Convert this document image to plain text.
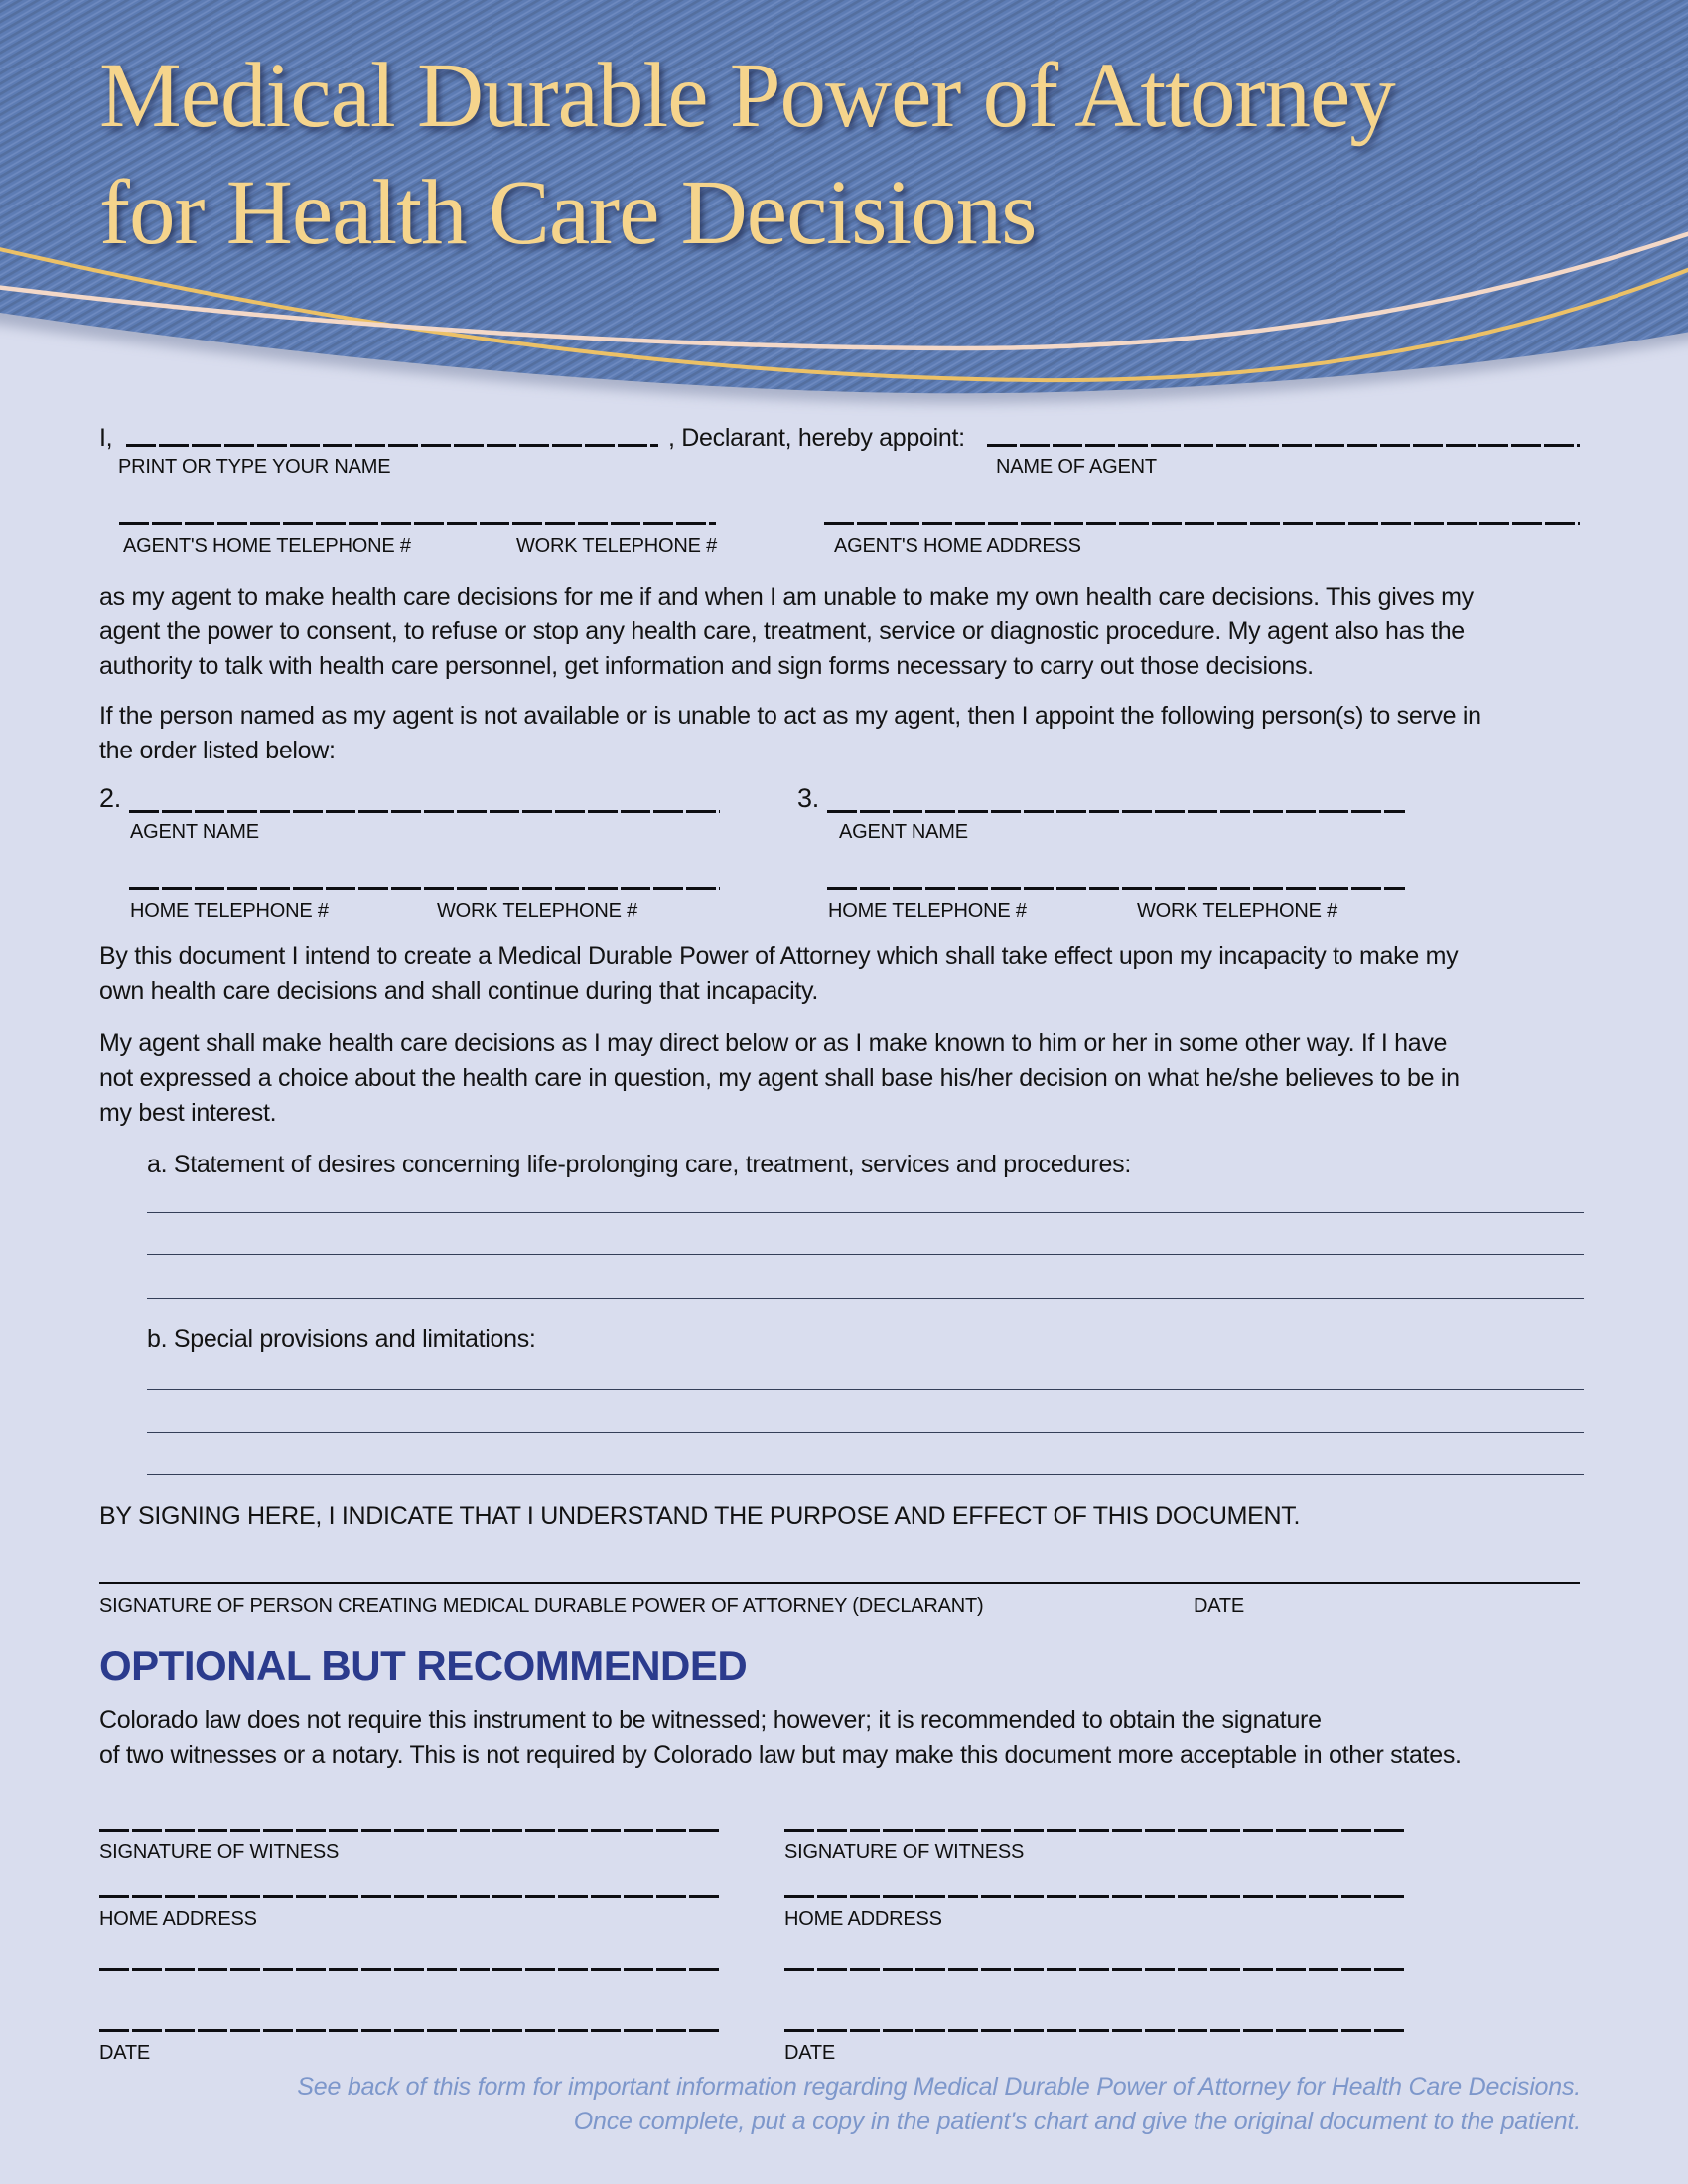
Medical Durable Power of Attorney
for Health Care Decisions
I,	, Declarant, hereby appoint:
PRINT OR TYPE YOUR NAME	NAME OF AGENT
AGENT'S HOME TELEPHONE #	WORK TELEPHONE #	AGENT'S HOME ADDRESS
as my agent to make health care decisions for me if and when I am unable to make my own health care decisions. This gives my
agent the power to consent, to refuse or stop any health care, treatment, service or diagnostic procedure. My agent also has the
authority to talk with health care personnel, get information and sign forms necessary to carry out those decisions.
If the person named as my agent is not available or is unable to act as my agent, then I appoint the following person(s) to serve in
the order listed below:
2.	3.
AGENT NAME	AGENT NAME
HOME TELEPHONE #	WORK TELEPHONE #	HOME TELEPHONE #	WORK TELEPHONE #
By this document I intend to create a Medical Durable Power of Attorney which shall take effect upon my incapacity to make my
own health care decisions and shall continue during that incapacity.
My agent shall make health care decisions as I may direct below or as I make known to him or her in some other way. If I have
not expressed a choice about the health care in question, my agent shall base his/her decision on what he/she believes to be in
my best interest.
a. Statement of desires concerning life-prolonging care, treatment, services and procedures:
b. Special provisions and limitations:
BY SIGNING HERE, I INDICATE THAT I UNDERSTAND THE PURPOSE AND EFFECT OF THIS DOCUMENT.
SIGNATURE OF PERSON CREATING MEDICAL DURABLE POWER OF ATTORNEY (DECLARANT)	DATE
OPTIONAL BUT RECOMMENDED
Colorado law does not require this instrument to be witnessed; however; it is recommended to obtain the signature
of two witnesses or a notary. This is not required by Colorado law but may make this document more acceptable in other states.
SIGNATURE OF WITNESS	SIGNATURE OF WITNESS
HOME ADDRESS	HOME ADDRESS
DATE	DATE
See back of this form for important information regarding Medical Durable Power of Attorney for Health Care Decisions.
Once complete, put a copy in the patient's chart and give the original document to the patient.
